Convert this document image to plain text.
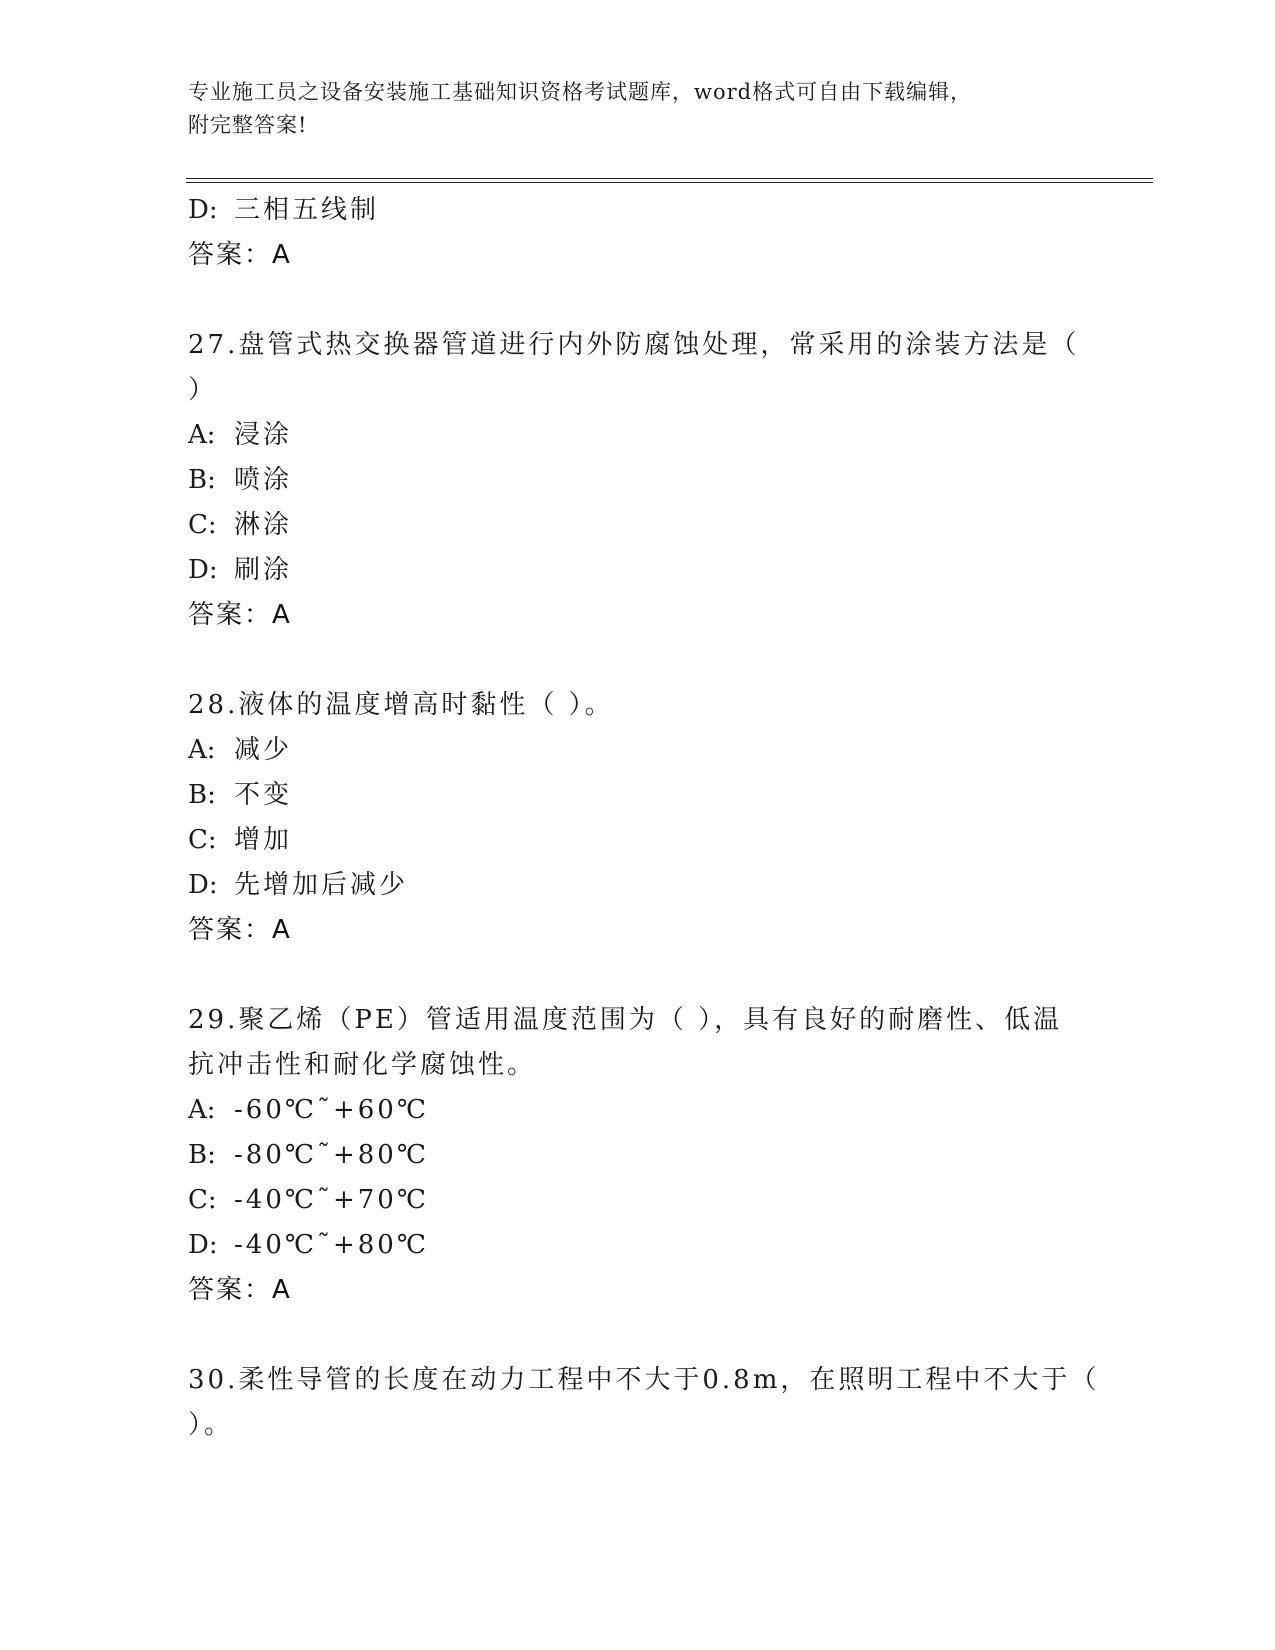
专业施工员之设备安装施工基础知识资格考试题库，word格式可自由下载编辑，
附完整答案!
D: 三相五线制
答案：A
27.盘管式热交换器管道进行内外防腐蚀处理，常采用的涂装方法是（
）
A: 浸涂
B: 喷涂
C: 淋涂
D: 刷涂
答案：A
28.液体的温度增高时黏性（ ）。
A: 减少
B: 不变
C: 增加
D: 先增加后减少
答案：A
29.聚乙烯（PE）管适用温度范围为（ ），具有良好的耐磨性、低温
抗冲击性和耐化学腐蚀性。
A: -60℃˜+60℃
B: -80℃˜+80℃
C: -40℃˜+70℃
D: -40℃˜+80℃
答案：A
30.柔性导管的长度在动力工程中不大于0.8m，在照明工程中不大于（
）。
